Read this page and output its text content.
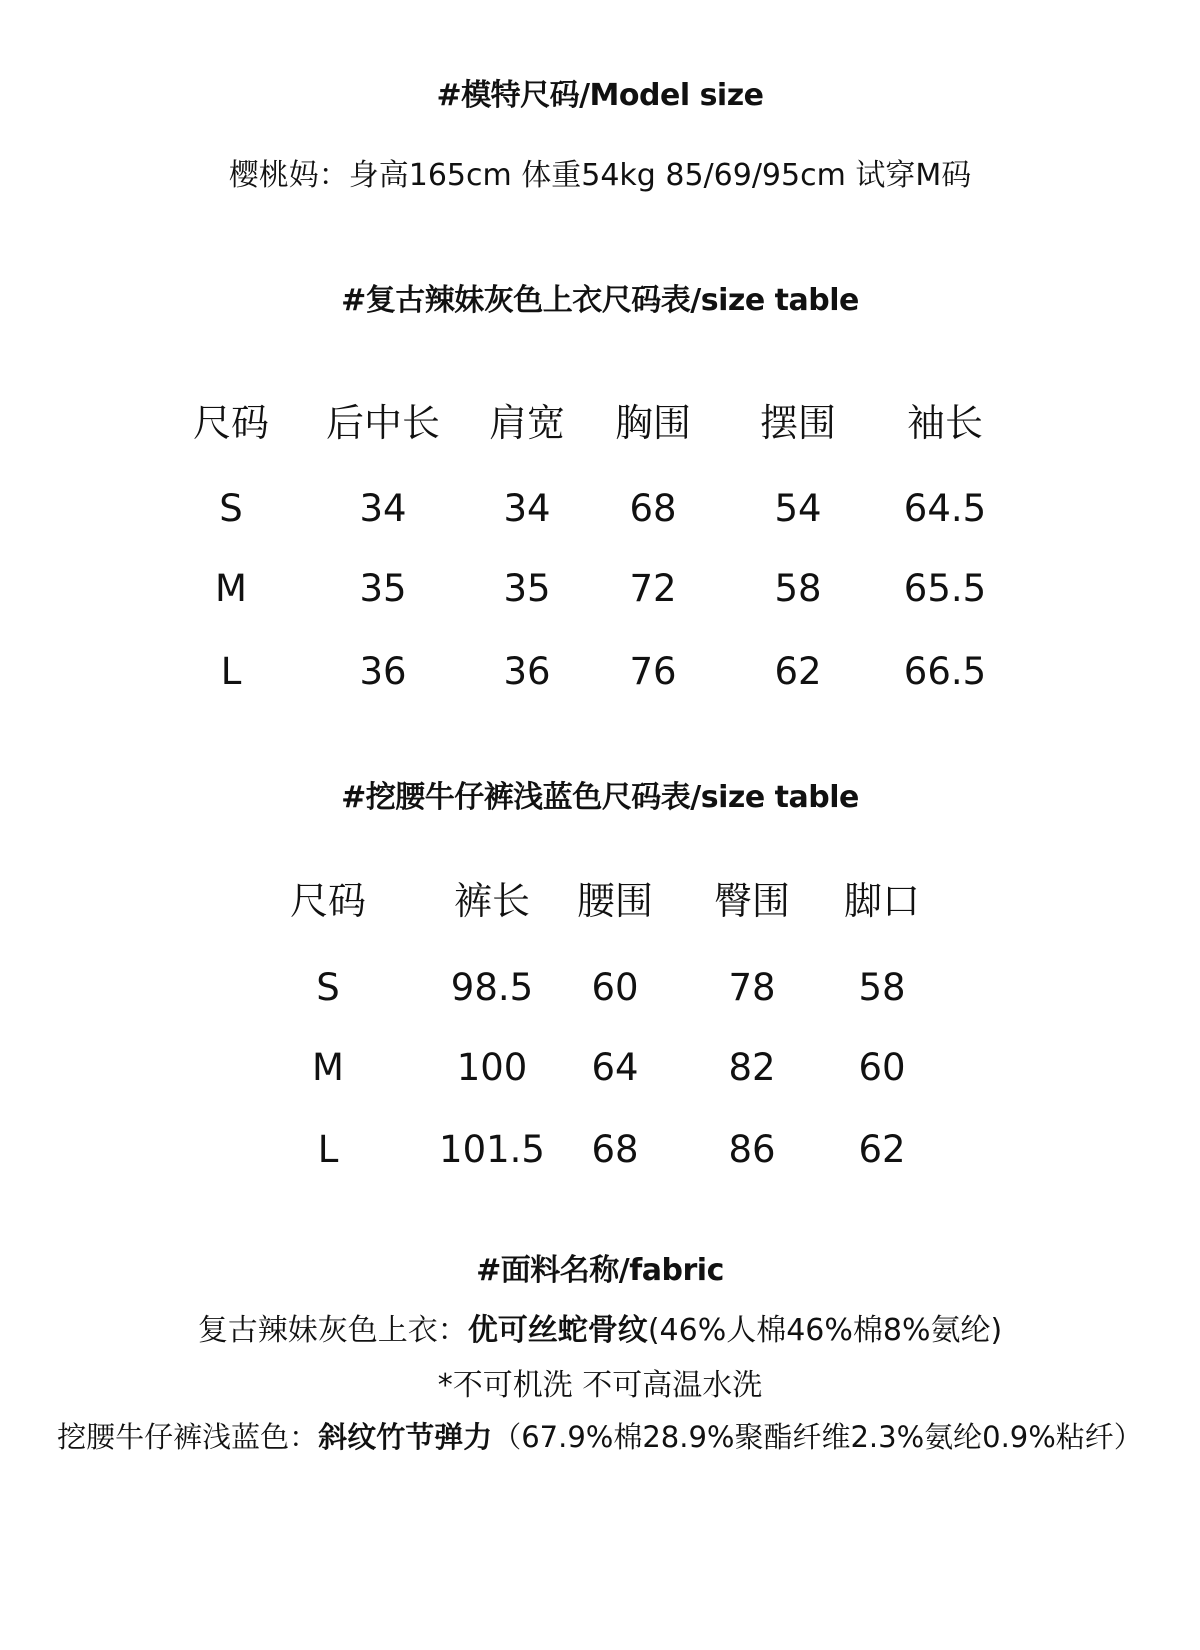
#模特尺码/Model size
樱桃妈：身高165cm 体重54kg 85/69/95cm 试穿M码
#复古辣妹灰色上衣尺码表/size table
尺码	后中长	肩宽	胸围	摆围	袖长
S	34	34	68	54	64.5
M	35	35	72	58	65.5
L	36	36	76	62	66.5
#挖腰牛仔裤浅蓝色尺码表/size table
尺码	裤长	腰围	臀围	脚口
S	98.5	60	78	58
M	100	64	82	60
L	101.5	68	86	62
#面料名称/fabric
复古辣妹灰色上衣：优可丝蛇骨纹(46%人棉46%棉8%氨纶)
*不可机洗 不可高温水洗
挖腰牛仔裤浅蓝色：斜纹竹节弹力（67.9%棉28.9%聚酯纤维2.3%氨纶0.9%粘纤）
